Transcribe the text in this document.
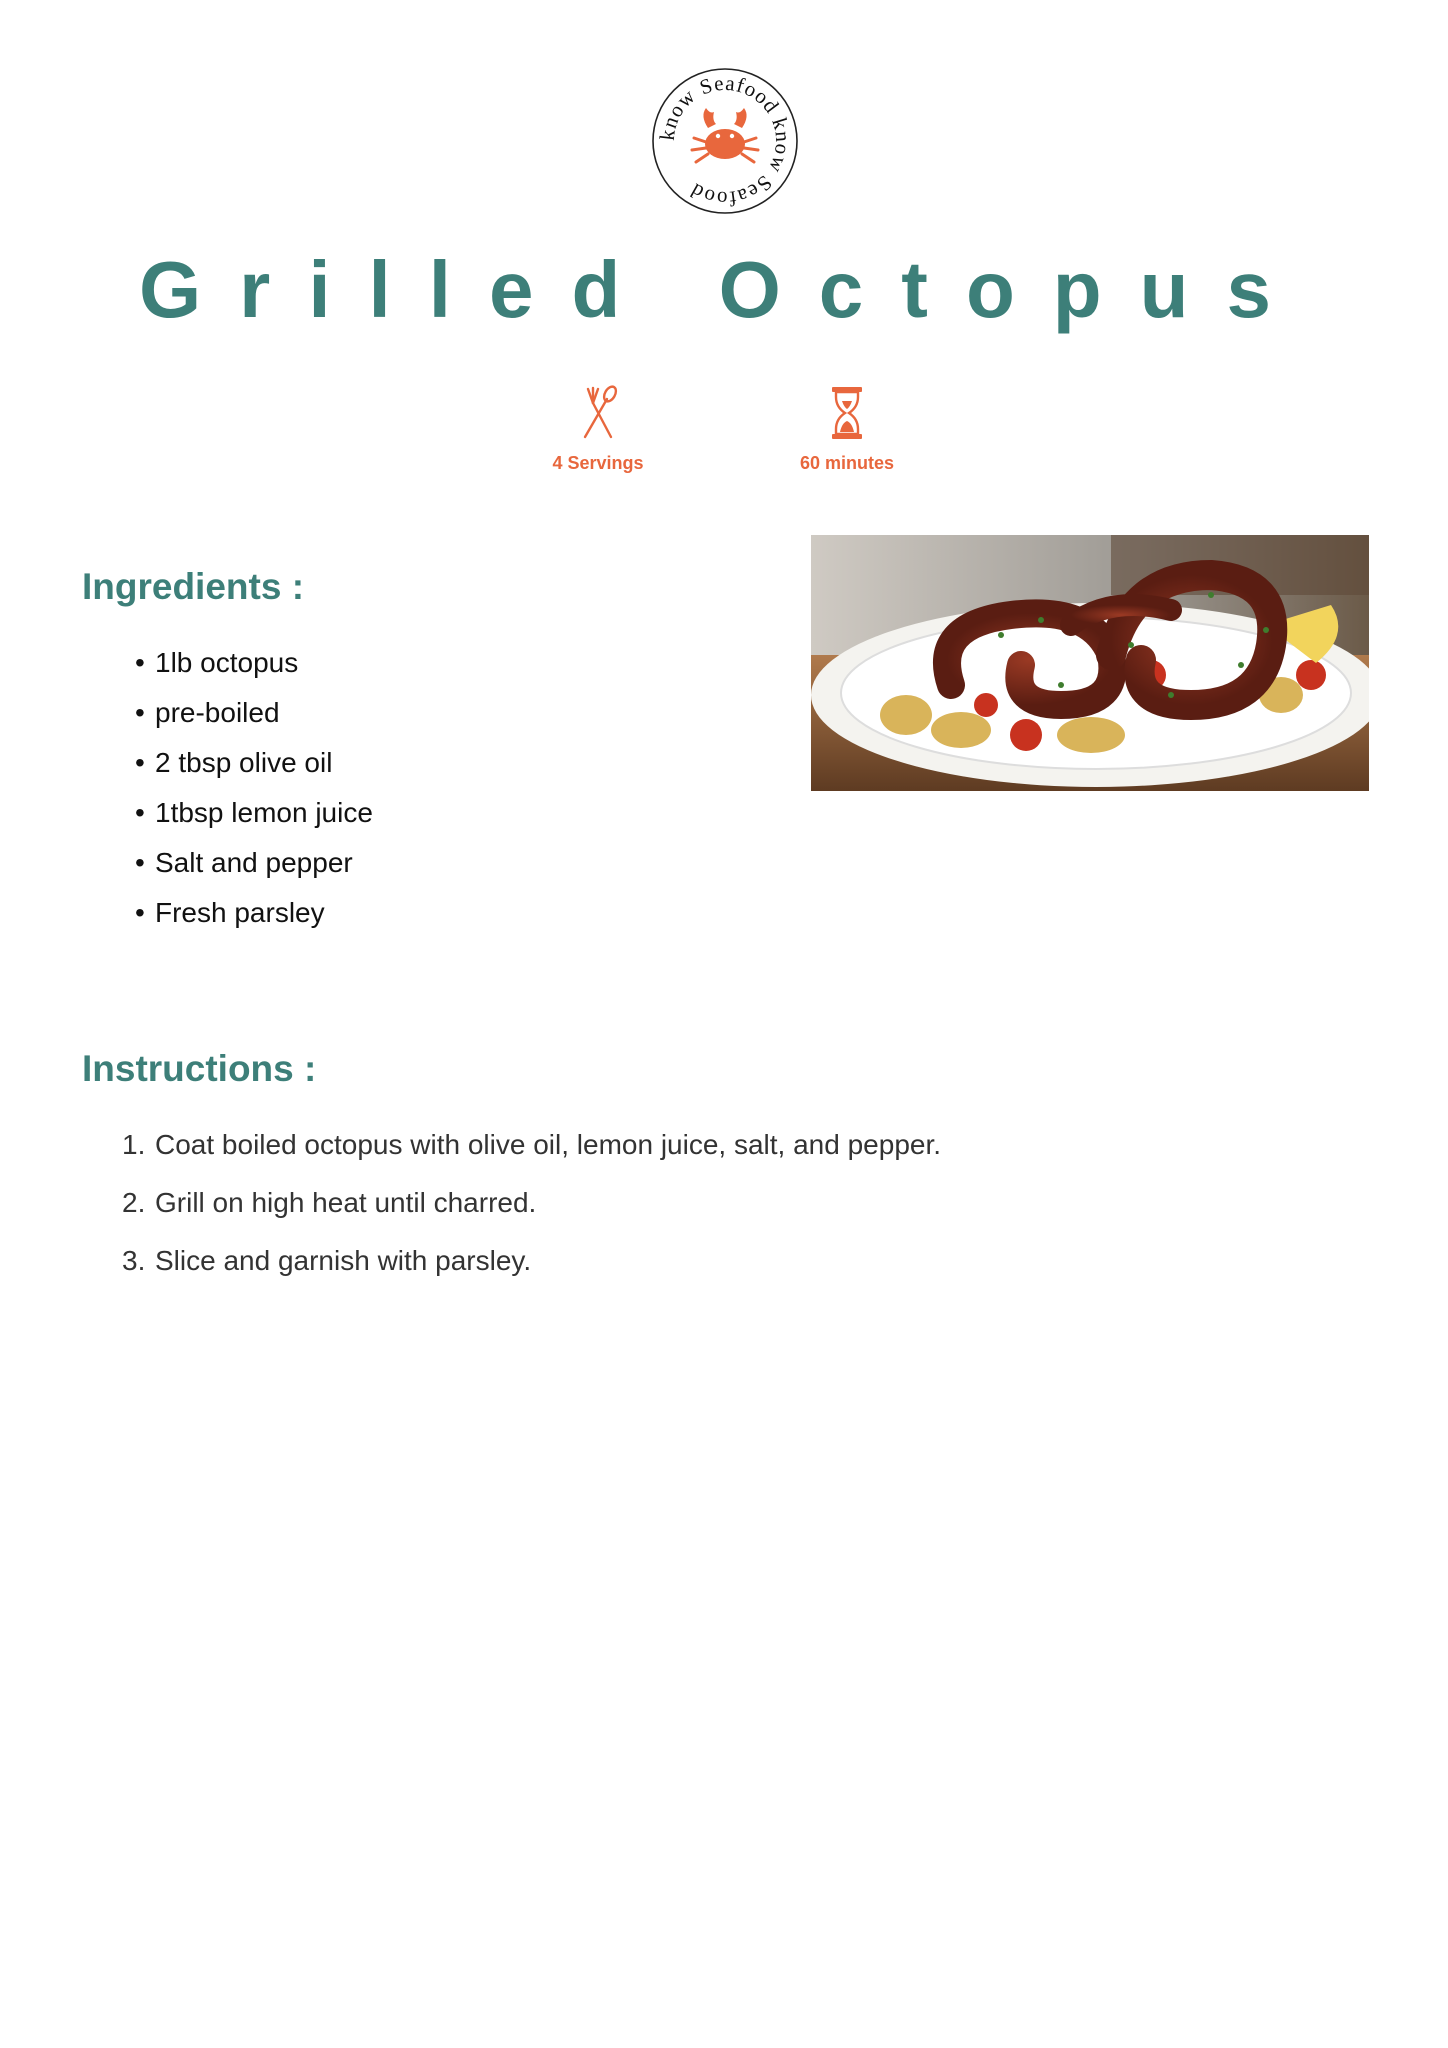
know Seafood know Seafood
Grilled Octopus
4 Servings	60 minutes
Ingredients :
• 1lb octopus
• pre-boiled
• 2 tbsp olive oil
• 1tbsp lemon juice
• Salt and pepper
• Fresh parsley
Instructions :
1. Coat boiled octopus with olive oil, lemon juice, salt, and pepper.
2. Grill on high heat until charred.
3. Slice and garnish with parsley.
